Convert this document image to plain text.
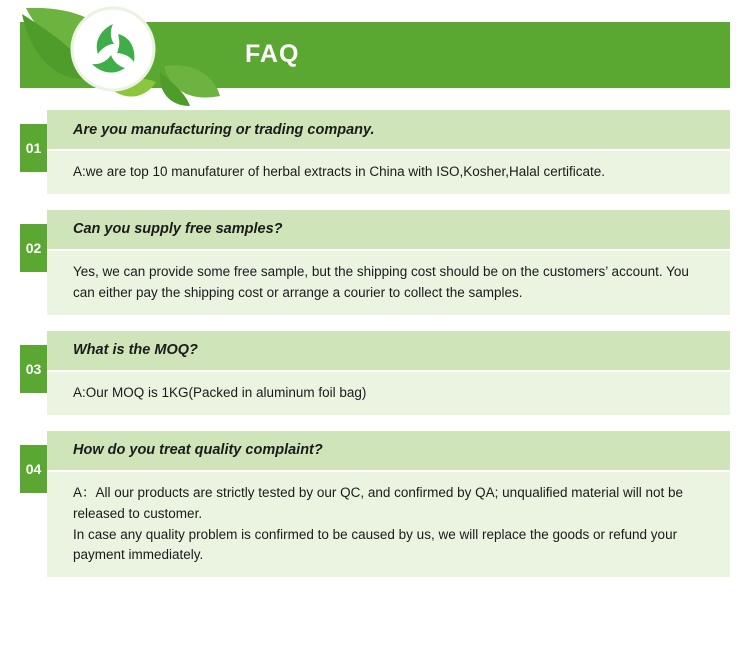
FAQ
01
Are you manufacturing or trading company.

A:we are top 10 manufaturer of herbal extracts in China with ISO,Kosher,Halal certificate.

02
Can you supply free samples?

Yes, we can provide some free sample, but the shipping cost should be on the customers’ account. You can either pay the shipping cost or arrange a courier to collect the samples.

03
What is the MOQ?

A:Our MOQ is 1KG(Packed in aluminum foil bag)

04
How do you treat quality complaint?

A：All our products are strictly tested by our QC, and confirmed by QA; unqualified material will not be released to customer.

In case any quality problem is confirmed to be caused by us, we will replace the goods or refund your payment immediately.
